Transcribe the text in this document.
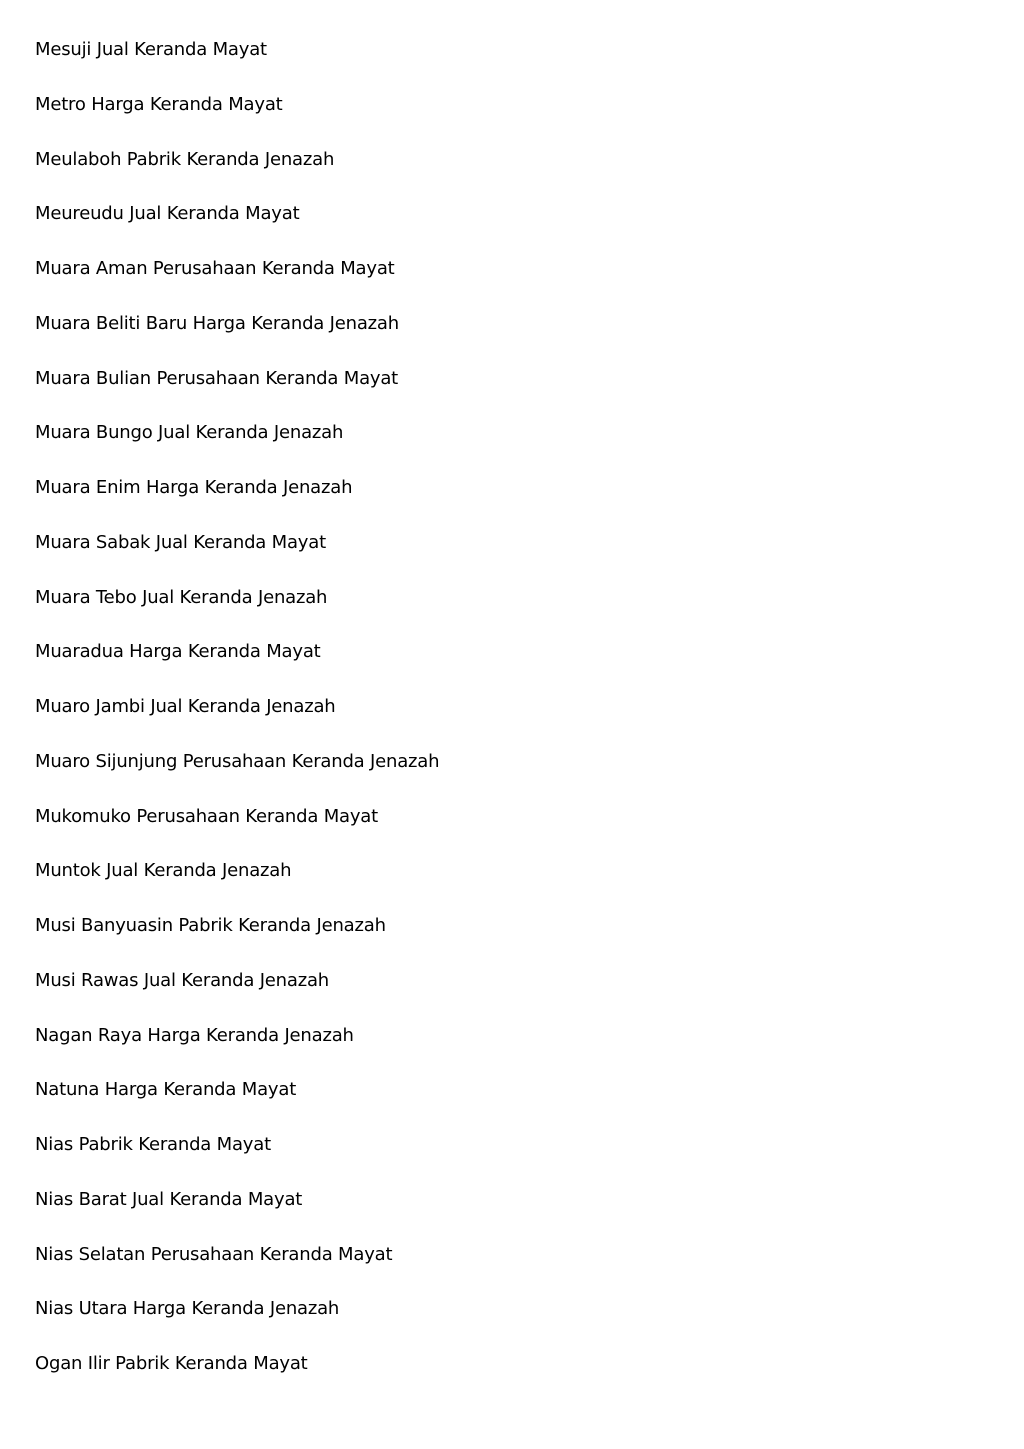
Mesuji Jual Keranda Mayat
Metro Harga Keranda Mayat
Meulaboh Pabrik Keranda Jenazah
Meureudu Jual Keranda Mayat
Muara Aman Perusahaan Keranda Mayat
Muara Beliti Baru Harga Keranda Jenazah
Muara Bulian Perusahaan Keranda Mayat
Muara Bungo Jual Keranda Jenazah
Muara Enim Harga Keranda Jenazah
Muara Sabak Jual Keranda Mayat
Muara Tebo Jual Keranda Jenazah
Muaradua Harga Keranda Mayat
Muaro Jambi Jual Keranda Jenazah
Muaro Sijunjung Perusahaan Keranda Jenazah
Mukomuko Perusahaan Keranda Mayat
Muntok Jual Keranda Jenazah
Musi Banyuasin Pabrik Keranda Jenazah
Musi Rawas Jual Keranda Jenazah
Nagan Raya Harga Keranda Jenazah
Natuna Harga Keranda Mayat
Nias Pabrik Keranda Mayat
Nias Barat Jual Keranda Mayat
Nias Selatan Perusahaan Keranda Mayat
Nias Utara Harga Keranda Jenazah
Ogan Ilir Pabrik Keranda Mayat
